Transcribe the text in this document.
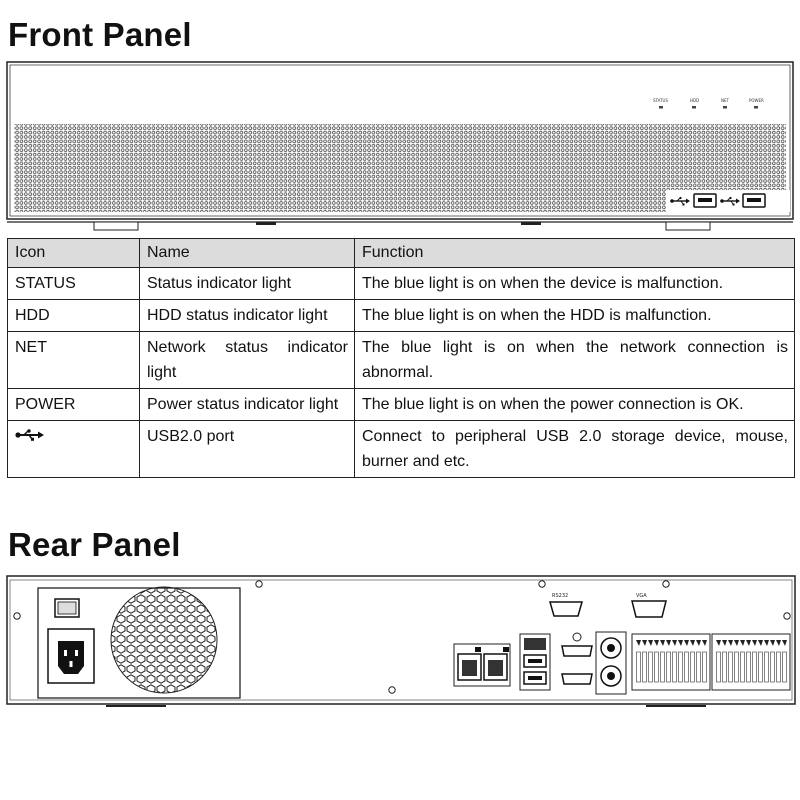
Front Panel
STATUS	HDD	NET	POWER
Icon	Name	Function
STATUS	Status indicator light	The blue light is on when the device is malfunction.
HDD	HDD status indicator light	The blue light is on when the HDD is malfunction.
NET	Network status indicator light	The blue light is on when the network connection is abnormal.
POWER	Power status indicator light	The blue light is on when the power connection is OK.
	USB2.0 port	Connect to peripheral USB 2.0 storage device, mouse, burner and etc.
Rear Panel
RS232	VGA
